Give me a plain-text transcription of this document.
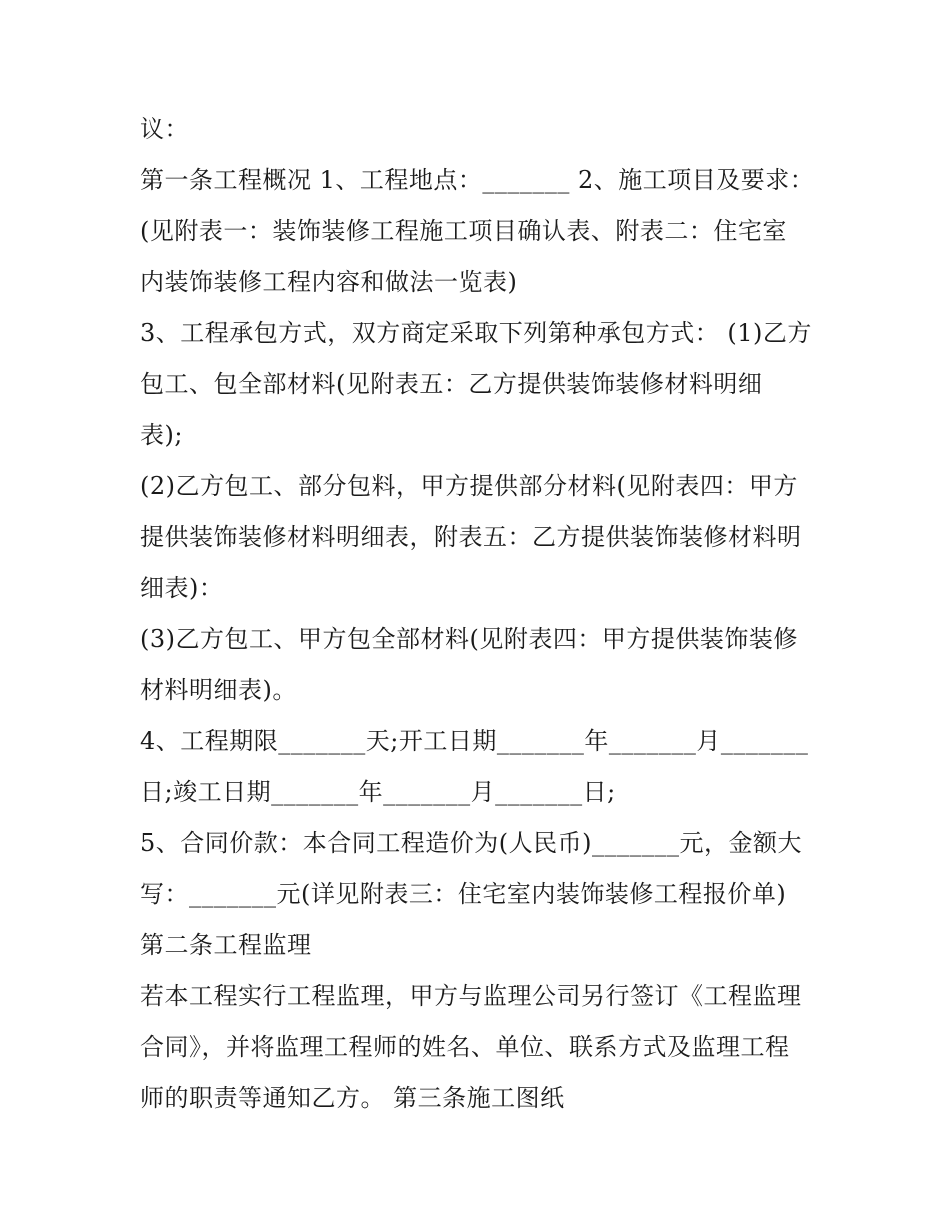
议：
第一条工程概况 1、工程地点：_______ 2、施工项目及要求：
(见附表一：装饰装修工程施工项目确认表、附表二：住宅室
内装饰装修工程内容和做法一览表)
3、工程承包方式，双方商定采取下列第种承包方式： (1)乙方
包工、包全部材料(见附表五：乙方提供装饰装修材料明细
表);
(2)乙方包工、部分包料，甲方提供部分材料(见附表四：甲方
提供装饰装修材料明细表，附表五：乙方提供装饰装修材料明
细表)：
(3)乙方包工、甲方包全部材料(见附表四：甲方提供装饰装修
材料明细表)。
4、工程期限_______天;开工日期_______年_______月_______
日;竣工日期_______年_______月_______日;
5、合同价款：本合同工程造价为(人民币)_______元，金额大
写：_______元(详见附表三：住宅室内装饰装修工程报价单)
第二条工程监理
若本工程实行工程监理，甲方与监理公司另行签订《工程监理
合同》，并将监理工程师的姓名、单位、联系方式及监理工程
师的职责等通知乙方。 第三条施工图纸
